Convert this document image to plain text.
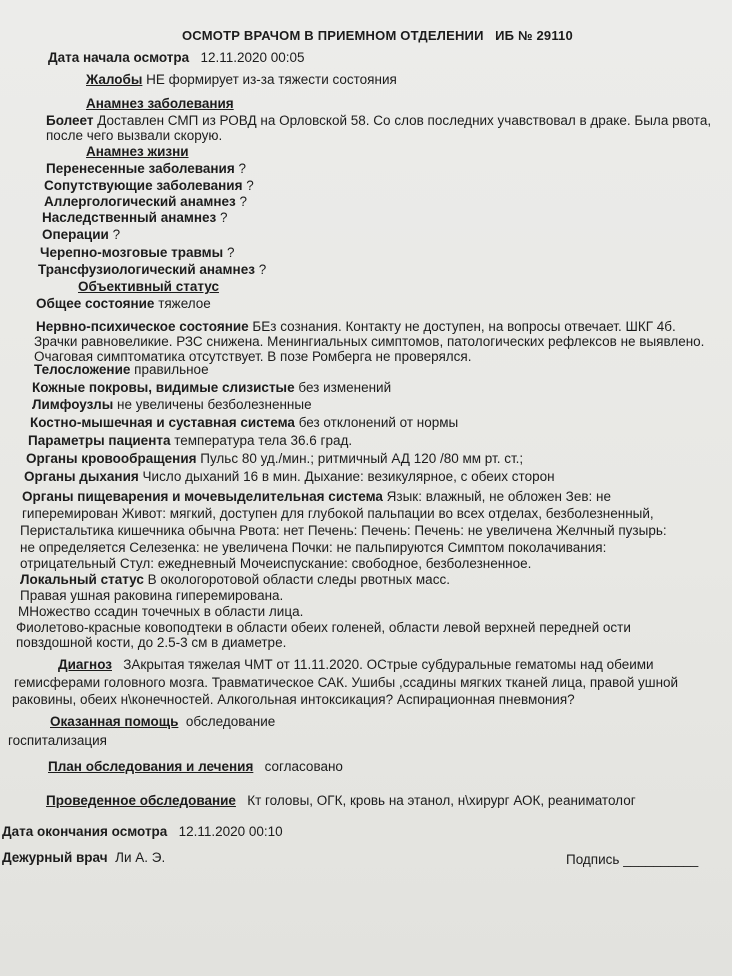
ОСМОТР ВРАЧОМ В ПРИЕМНОМ ОТДЕЛЕНИИ ИБ № 29110
Дата начала осмотра 12.11.2020 00:05
Жалобы НЕ формирует из-за тяжести состояния
Анамнез заболевания
Болеет Доставлен СМП из РОВД на Орловской 58. Со слов последних учавствовал в драке. Была рвота,
после чего вызвали скорую.
Анамнез жизни
Перенесенные заболевания ?
Сопутствующие заболевания ?
Аллергологический анамнез ?
Наследственный анамнез ?
Операции ?
Черепно-мозговые травмы ?
Трансфузиологический анамнез ?
Объективный статус
Общее состояние тяжелое
Нервно-психическое состояние БЕз сознания. Контакту не доступен, на вопросы отвечает. ШКГ 4б.
Зрачки равновеликие. РЗС снижена. Менингиальных симптомов, патологических рефлексов не выявлено.
Очаговая симптоматика отсутствует. В позе Ромберга не проверялся.
Телосложение правильное
Кожные покровы, видимые слизистые без изменений
Лимфоузлы не увеличены безболезненные
Костно-мышечная и суставная система без отклонений от нормы
Параметры пациента температура тела 36.6 град.
Органы кровообращения Пульс 80 уд./мин.; ритмичный АД 120 /80 мм рт. ст.;
Органы дыхания Число дыханий 16 в мин. Дыхание: везикулярное, с обеих сторон
Органы пищеварения и мочевыделительная система Язык: влажный, не обложен Зев: не
гиперемирован Живот: мягкий, доступен для глубокой пальпации во всех отделах, безболезненный,
Перистальтика кишечника обычна Рвота: нет Печень: Печень: Печень: не увеличена Желчный пузырь:
не определяется Селезенка: не увеличена Почки: не пальпируются Симптом поколачивания:
отрицательный Стул: ежедневный Мочеиспускание: свободное, безболезненное.
Локальный статус В окологоротовой области следы рвотных масс.
Правая ушная раковина гиперемирована.
МНожество ссадин точечных в области лица.
Фиолетово-красные ковоподтеки в области обеих голеней, области левой верхней передней ости
повздошной кости, до 2.5-3 см в диаметре.
Диагноз ЗАкрытая тяжелая ЧМТ от 11.11.2020. ОСтрые субдуральные гематомы над обеими
гемисферами головного мозга. Травматическое САК. Ушибы ,ссадины мягких тканей лица, правой ушной
раковины, обеих н\конечностей. Алкогольная интоксикация? Аспирационная пневмония?
Оказанная помощь обследование
госпитализация
План обследования и лечения согласовано
Проведенное обследование Кт головы, ОГК, кровь на этанол, н\хирург АОК, реаниматолог
Дата окончания осмотра 12.11.2020 00:10
Дежурный врач Ли А. Э.	Подпись __________
